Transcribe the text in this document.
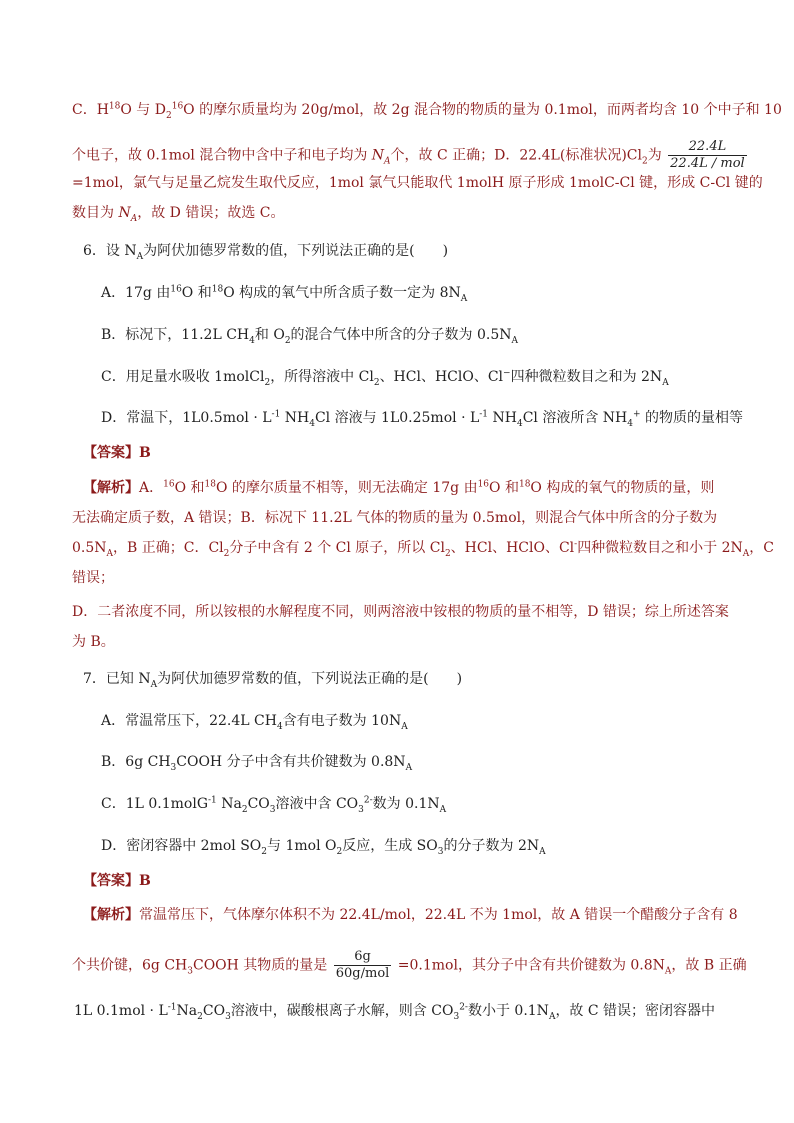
C．$H^{18}O$ 与 $D_2^{16}O$ 的摩尔质量均为 20g/mol，故 2g 混合物的物质的量为 0.1mol，而两者均含 10 个中子和 10
个电子，故 0.1mol 混合物中含中子和电子均为 $N_A$个，故 C 正确；D．22.4L(标准状况)$Cl_2$为 $\frac{22.4L}{\text{22.4L / mol}}$
=1mol，氯气与足量乙烷发生取代反应，1mol 氯气只能取代 1molH 原子形成 1molC-Cl 键，形成 C-Cl 键的
数目为 $N_A$，故 D 错误；故选 C。
6．设 $N_A$为阿伏加德罗常数的值，下列说法正确的是(　　)
A．17g 由$^{16}$O 和$^{18}$O 构成的氧气中所含质子数一定为 $8N_A$
B．标况下，11.2L $CH_4$和 $O_2$的混合气体中所含的分子数为 $0.5N_A$
C．用足量水吸收 1molCl$_2$，所得溶液中 $Cl_2$、HCl、HClO、Cl−四种微粒数目之和为 $2N_A$
D．常温下，$1L0.5mol \cdot L^{-1}$ $NH_4Cl$ 溶液与 $1L0.25mol \cdot L^{-1}$ $NH_4Cl$ 溶液所含 $NH_4^+$ 的物质的量相等
【答案】B
【解析】A．$^{16}$O 和$^{18}$O 的摩尔质量不相等，则无法确定 17g 由$^{16}$O 和$^{18}$O 构成的氧气的物质的量，则
无法确定质子数，A 错误；B．标况下 11.2L 气体的物质的量为 0.5mol，则混合气体中所含的分子数为
$0.5N_A$，B 正确；C．$Cl_2$分子中含有 2 个 Cl 原子，所以 $Cl_2$、HCl、HClO、Cl-四种微粒数目之和小于 $2N_A$，C
错误；
D．二者浓度不同，所以铵根的水解程度不同，则两溶液中铵根的物质的量不相等，D 错误；综上所述答案
为 B。
7．已知 $N_A$为阿伏加德罗常数的值，下列说法正确的是(　　)
A．常温常压下，22.4L $CH_4$含有电子数为 $10N_A$
B．6g $CH_3COOH$ 分子中含有共价键数为 $0.8N_A$
C．1L 0.1molG$^{-1}$ $Na_2CO_3$溶液中含 $CO_3^{2-}$数为 $0.1N_A$
D．密闭容器中 2mol $SO_2$与 1mol $O_2$反应，生成 $SO_3$的分子数为 $2N_A$
【答案】B
【解析】常温常压下，气体摩尔体积不为 22.4L/mol，22.4L 不为 1mol，故 A 错误一个醋酸分子含有 8
个共价键，6g $CH_3COOH$ 其物质的量是 $\frac{6g}{\text{60g/mol}} =0.1mol$，其分子中含有共价键数为 $0.8N_A$，故 B 正确
1L $0.1mol \cdot L^{-1}Na_2CO_3$溶液中，碳酸根离子水解，则含 $CO_3^{2-}$数小于 $0.1N_A$，故 C 错误；密闭容器中
